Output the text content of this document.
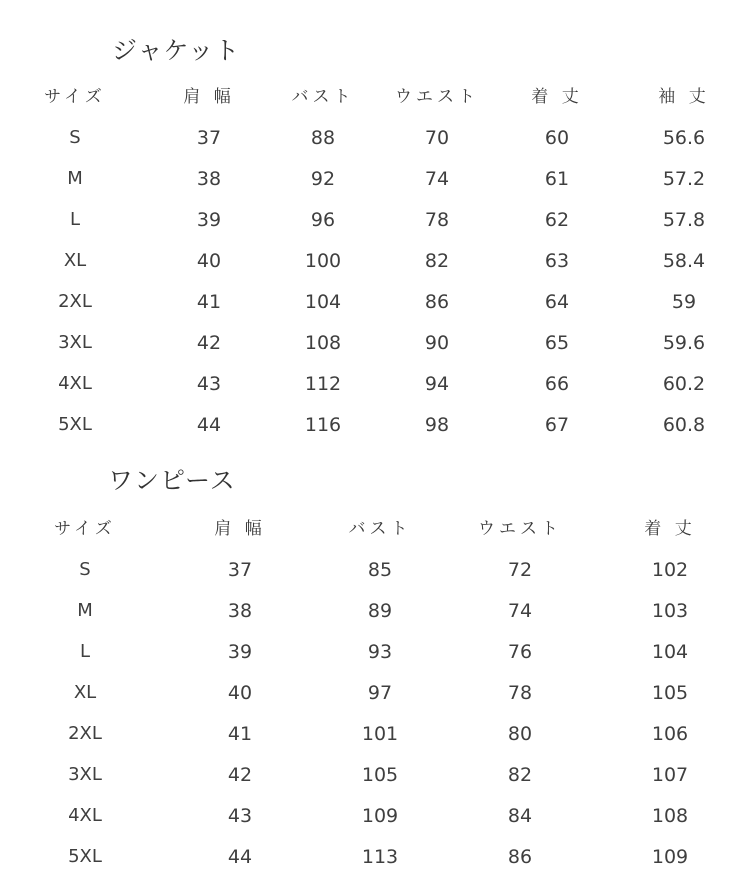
ジャケット
サイズ	肩 幅	バスト	ウエスト	着 丈	袖 丈
S	37	88	70	60	56.6
M	38	92	74	61	57.2
L	39	96	78	62	57.8
XL	40	100	82	63	58.4
2XL	41	104	86	64	59
3XL	42	108	90	65	59.6
4XL	43	112	94	66	60.2
5XL	44	116	98	67	60.8
ワンピース
サイズ	肩 幅	バスト	ウエスト	着 丈
S	37	85	72	102
M	38	89	74	103
L	39	93	76	104
XL	40	97	78	105
2XL	41	101	80	106
3XL	42	105	82	107
4XL	43	109	84	108
5XL	44	113	86	109
